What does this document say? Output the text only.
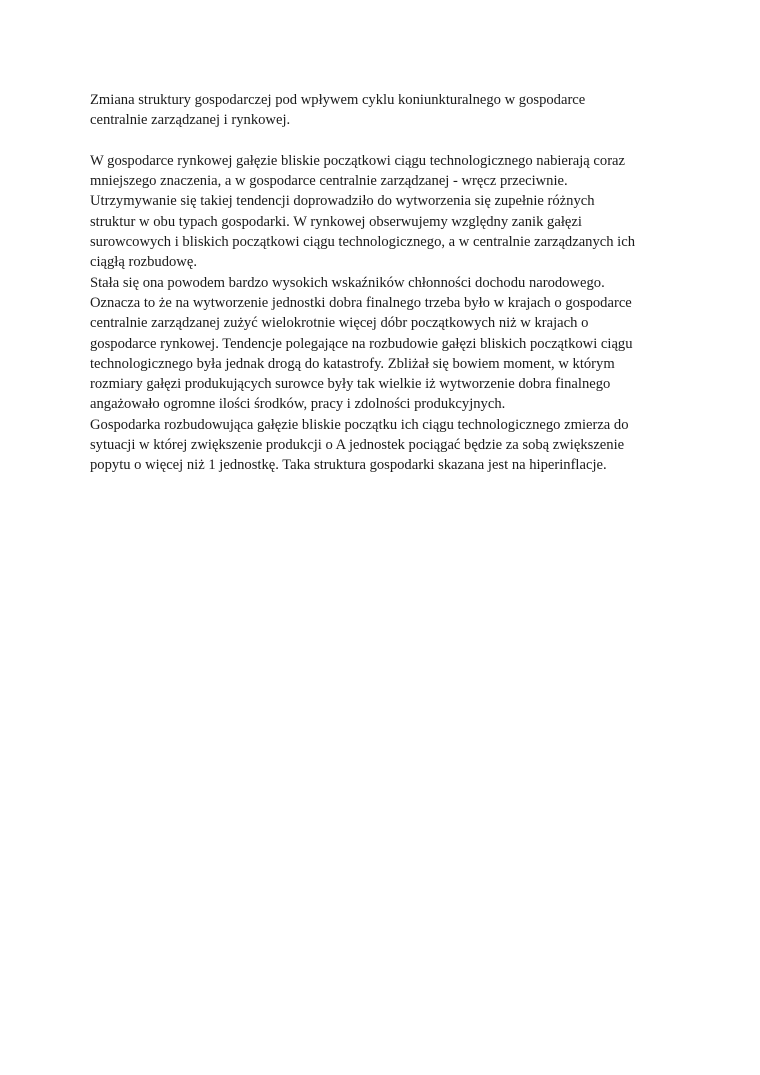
Zmiana struktury gospodarczej pod wpływem cyklu koniunkturalnego w gospodarce
centralnie zarządzanej i rynkowej.

W gospodarce rynkowej gałęzie bliskie początkowi ciągu technologicznego nabierają coraz
mniejszego znaczenia, a w gospodarce centralnie zarządzanej - wręcz przeciwnie.
Utrzymywanie się takiej tendencji doprowadziło do wytworzenia się zupełnie różnych
struktur w obu typach gospodarki. W rynkowej obserwujemy względny zanik gałęzi
surowcowych i bliskich początkowi ciągu technologicznego, a w centralnie zarządzanych ich
ciągłą rozbudowę.

Stała się ona powodem bardzo wysokich wskaźników chłonności dochodu narodowego.
Oznacza to że na wytworzenie jednostki dobra finalnego trzeba było w krajach o gospodarce
centralnie zarządzanej zużyć wielokrotnie więcej dóbr początkowych niż w krajach o
gospodarce rynkowej. Tendencje polegające na rozbudowie gałęzi bliskich początkowi ciągu
technologicznego była jednak drogą do katastrofy. Zbliżał się bowiem moment, w którym
rozmiary gałęzi produkujących surowce były tak wielkie iż wytworzenie dobra finalnego
angażowało ogromne ilości środków, pracy i zdolności produkcyjnych.

Gospodarka rozbudowująca gałęzie bliskie początku ich ciągu technologicznego zmierza do
sytuacji w której zwiększenie produkcji o A jednostek pociągać będzie za sobą zwiększenie
popytu o więcej niż 1 jednostkę. Taka struktura gospodarki skazana jest na hiperinflacje.
